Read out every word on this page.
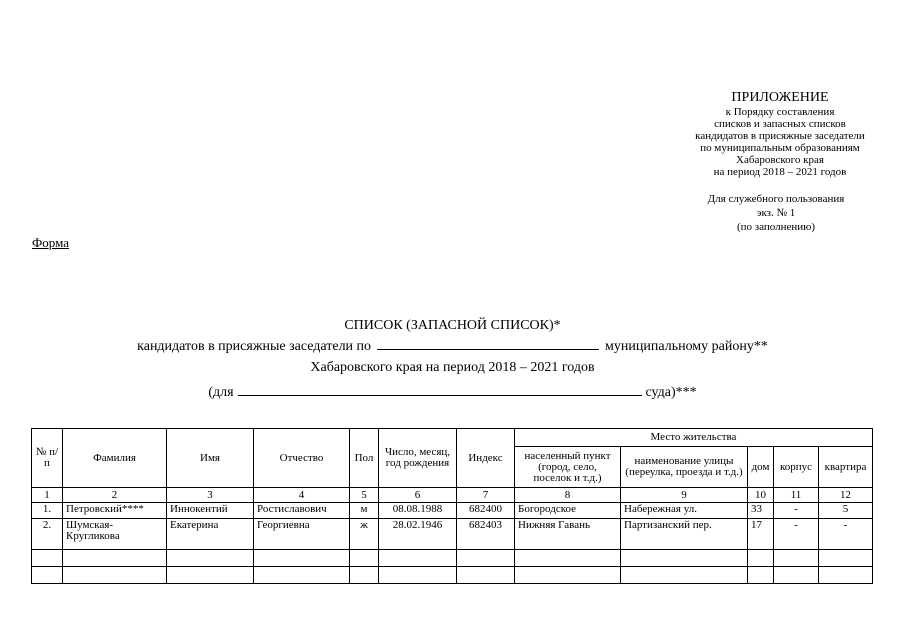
ПРИЛОЖЕНИЕ
к Порядку составления
списков и запасных списков
кандидатов в присяжные заседатели
по муниципальным образованиям
Хабаровского края
на период 2018 – 2021 годов
Для служебного пользования
экз. № 1
(по заполнению)
Форма
СПИСОК (ЗАПАСНОЙ СПИСОК)*
кандидатов в присяжные заседатели по	муниципальному району**
Хабаровского края на период 2018 – 2021 годов
(для	суда)***
№ п/п	Фамилия	Имя	Отчество	Пол	Число, месяц, год рождения	Индекс	Место жительства				
							населенный пункт (город, село, поселок и т.д.)	наименование улицы (переулка, проезда и т.д.)	дом	корпус	квартира
1	2	3	4	5	6	7	8	9	10	11	12
1.	Петровский****	Иннокентий	Ростиславович	м	08.08.1988	682400	Богородское	Набережная ул.	33	-	5
2.	Шумская-Кругликова	Екатерина	Георгиевна	ж	28.02.1946	682403	Нижняя Гавань	Партизанский пер.	17	-	-
